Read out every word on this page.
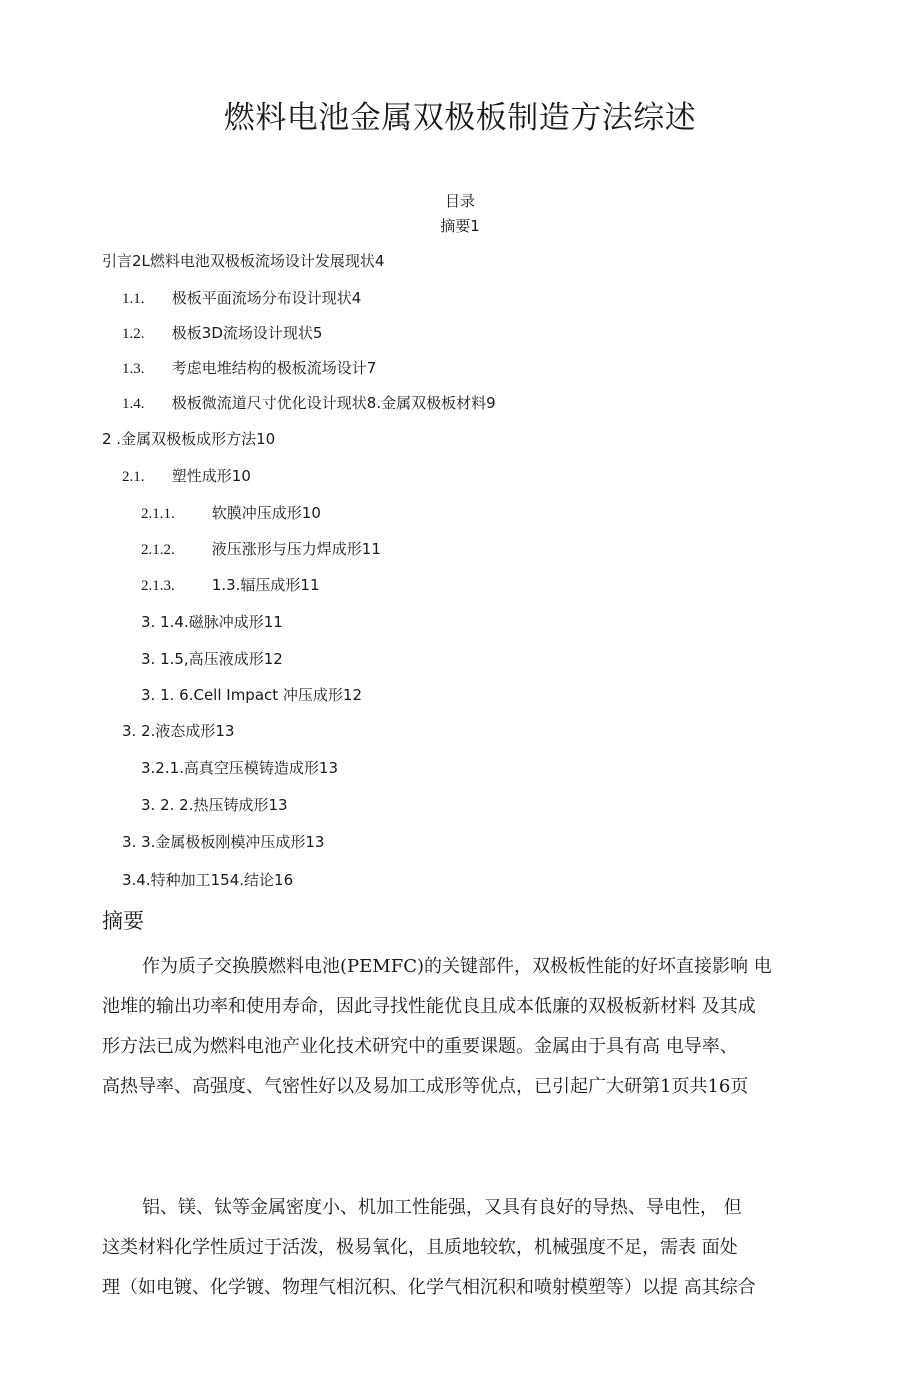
燃料电池金属双极板制造方法综述
目录
摘要1
引言2L燃料电池双极板流场设计发展现状4
1.1. 极板平面流场分布设计现状4
1.2. 极板3D流场设计现状5
1.3. 考虑电堆结构的极板流场设计7
1.4. 极板微流道尺寸优化设计现状8.金属双极板材料9
2 .金属双极板成形方法10
2.1. 塑性成形10
2.1.1. 软膜冲压成形10
2.1.2. 液压涨形与压力焊成形11
2.1.3. 1.3.辐压成形11
3. 1.4.磁脉冲成形11
3. 1.5,高压液成形12
3. 1. 6.Cell Impact 冲压成形12
3. 2.液态成形13
3.2.1.高真空压模铸造成形13
3. 2. 2.热压铸成形13
3. 3.金属极板刚模冲压成形13
3.4.特种加工154.结论16
摘要

作为质子交换膜燃料电池(PEMFC)的关键部件，双极板性能的好坏直接影响 电

池堆的输出功率和使用寿命，因此寻找性能优良且成本低廉的双极板新材料 及其成

形方法已成为燃料电池产业化技术研究中的重要课题。金属由于具有高 电导率、

高热导率、高强度、气密性好以及易加工成形等优点，已引起广大研第1页共16页

铝、镁、钛等金属密度小、机加工性能强，又具有良好的导热、导电性， 但

这类材料化学性质过于活泼，极易氧化，且质地较软，机械强度不足，需表 面处

理（如电镀、化学镀、物理气相沉积、化学气相沉积和喷射模塑等）以提 高其综合
